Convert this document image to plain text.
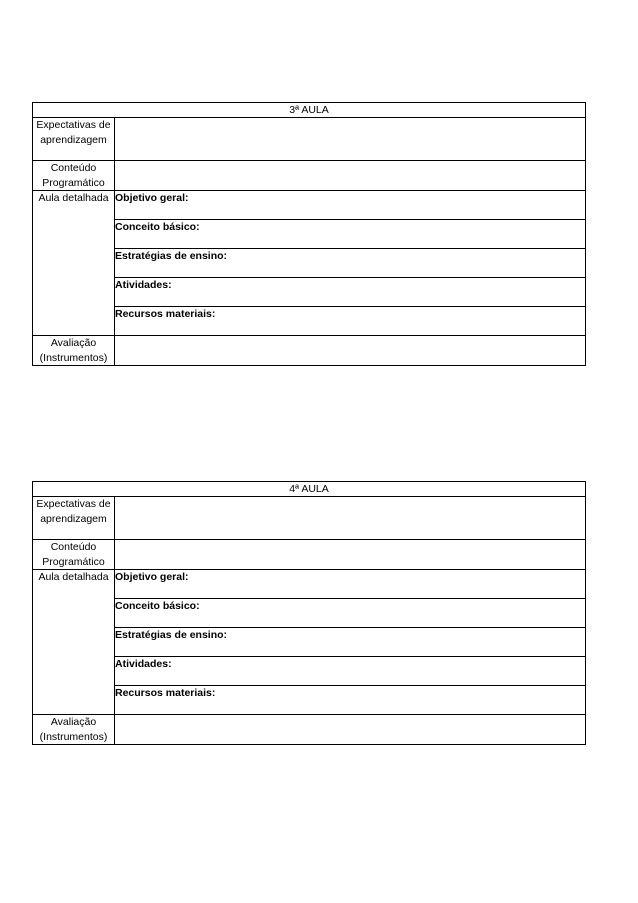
3ª AULA	
Expectativas de aprendizagem	
Conteúdo Programático	
Aula detalhada	Objetivo geral:
	Conceito básico:
	Estratégias de ensino:
	Atividades:
	Recursos materiais:
Avaliação (Instrumentos)	
4ª AULA	
Expectativas de aprendizagem	
Conteúdo Programático	
Aula detalhada	Objetivo geral:
	Conceito básico:
	Estratégias de ensino:
	Atividades:
	Recursos materiais:
Avaliação (Instrumentos)	
